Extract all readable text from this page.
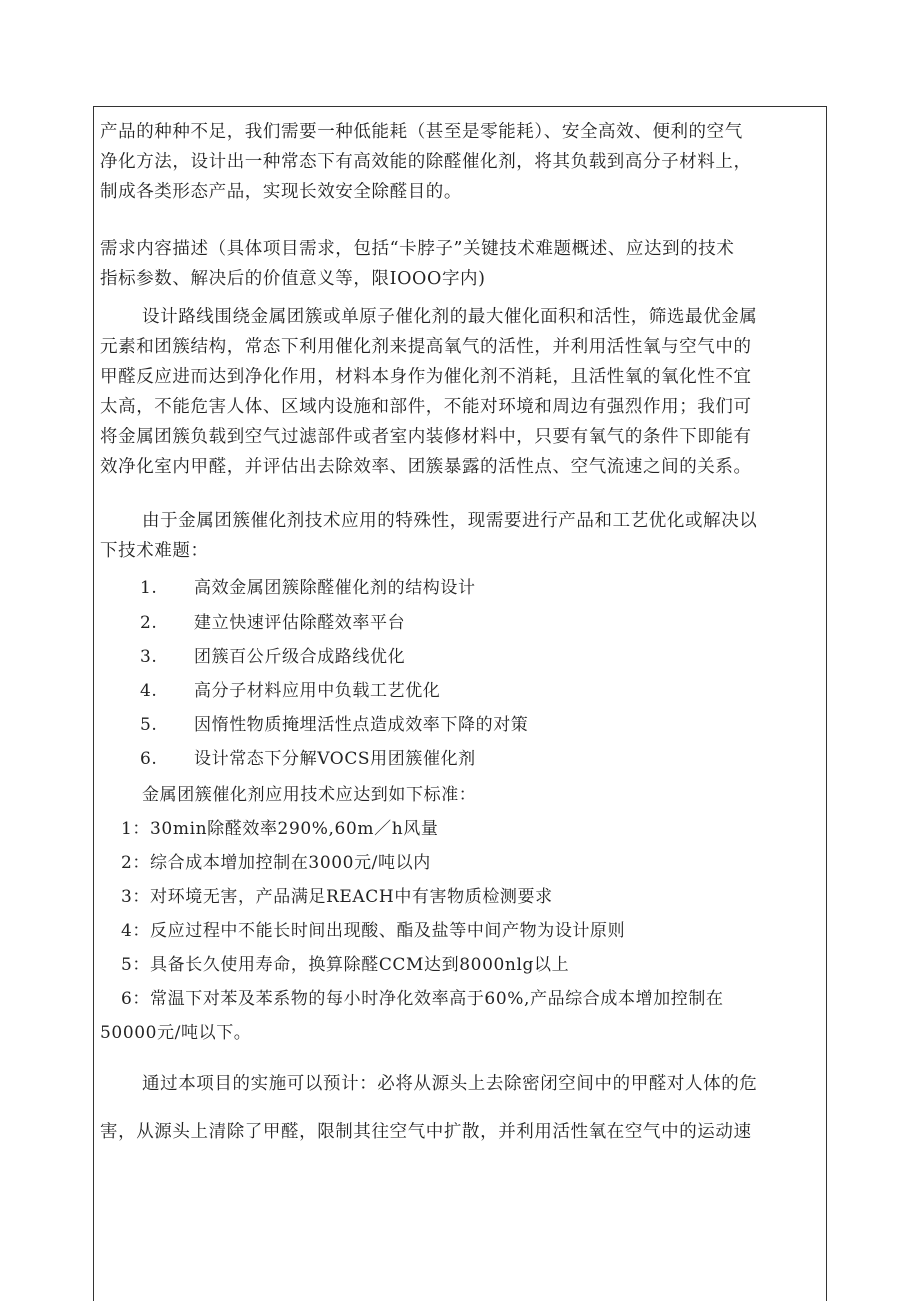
产品的种种不足，我们需要一种低能耗（甚至是零能耗）、安全高效、便利的空气
净化方法，设计出一种常态下有高效能的除醛催化剂，将其负载到高分子材料上，
制成各类形态产品，实现长效安全除醛目的。
需求内容描述（具体项目需求，包括“卡脖子”关键技术难题概述、应达到的技术
指标参数、解决后的价值意义等，限IOOO字内)
设计路线围绕金属团簇或单原子催化剂的最大催化面积和活性，筛选最优金属
元素和团簇结构，常态下利用催化剂来提高氧气的活性，并利用活性氧与空气中的
甲醛反应进而达到净化作用，材料本身作为催化剂不消耗，且活性氧的氧化性不宜
太高，不能危害人体、区域内设施和部件，不能对环境和周边有强烈作用；我们可
将金属团簇负载到空气过滤部件或者室内装修材料中，只要有氧气的条件下即能有
效净化室内甲醛，并评估出去除效率、团簇暴露的活性点、空气流速之间的关系。
由于金属团簇催化剂技术应用的特殊性，现需要进行产品和工艺优化或解决以
下技术难题：
1. 高效金属团簇除醛催化剂的结构设计
2. 建立快速评估除醛效率平台
3. 团簇百公斤级合成路线优化
4. 高分子材料应用中负载工艺优化
5. 因惰性物质掩埋活性点造成效率下降的对策
6. 设计常态下分解VOCS用团簇催化剂
金属团簇催化剂应用技术应达到如下标准：
1：30min除醛效率290%,60m／h风量
2：综合成本增加控制在3000元/吨以内
3：对环境无害，产品满足REACH中有害物质检测要求
4：反应过程中不能长时间出现酸、酯及盐等中间产物为设计原则
5：具备长久使用寿命，换算除醛CCM达到8000nlg以上
6：常温下对苯及苯系物的每小时净化效率高于60%,产品综合成本增加控制在
50000元/吨以下。
通过本项目的实施可以预计：必将从源头上去除密闭空间中的甲醛对人体的危
害，从源头上清除了甲醛，限制其往空气中扩散，并利用活性氧在空气中的运动速
